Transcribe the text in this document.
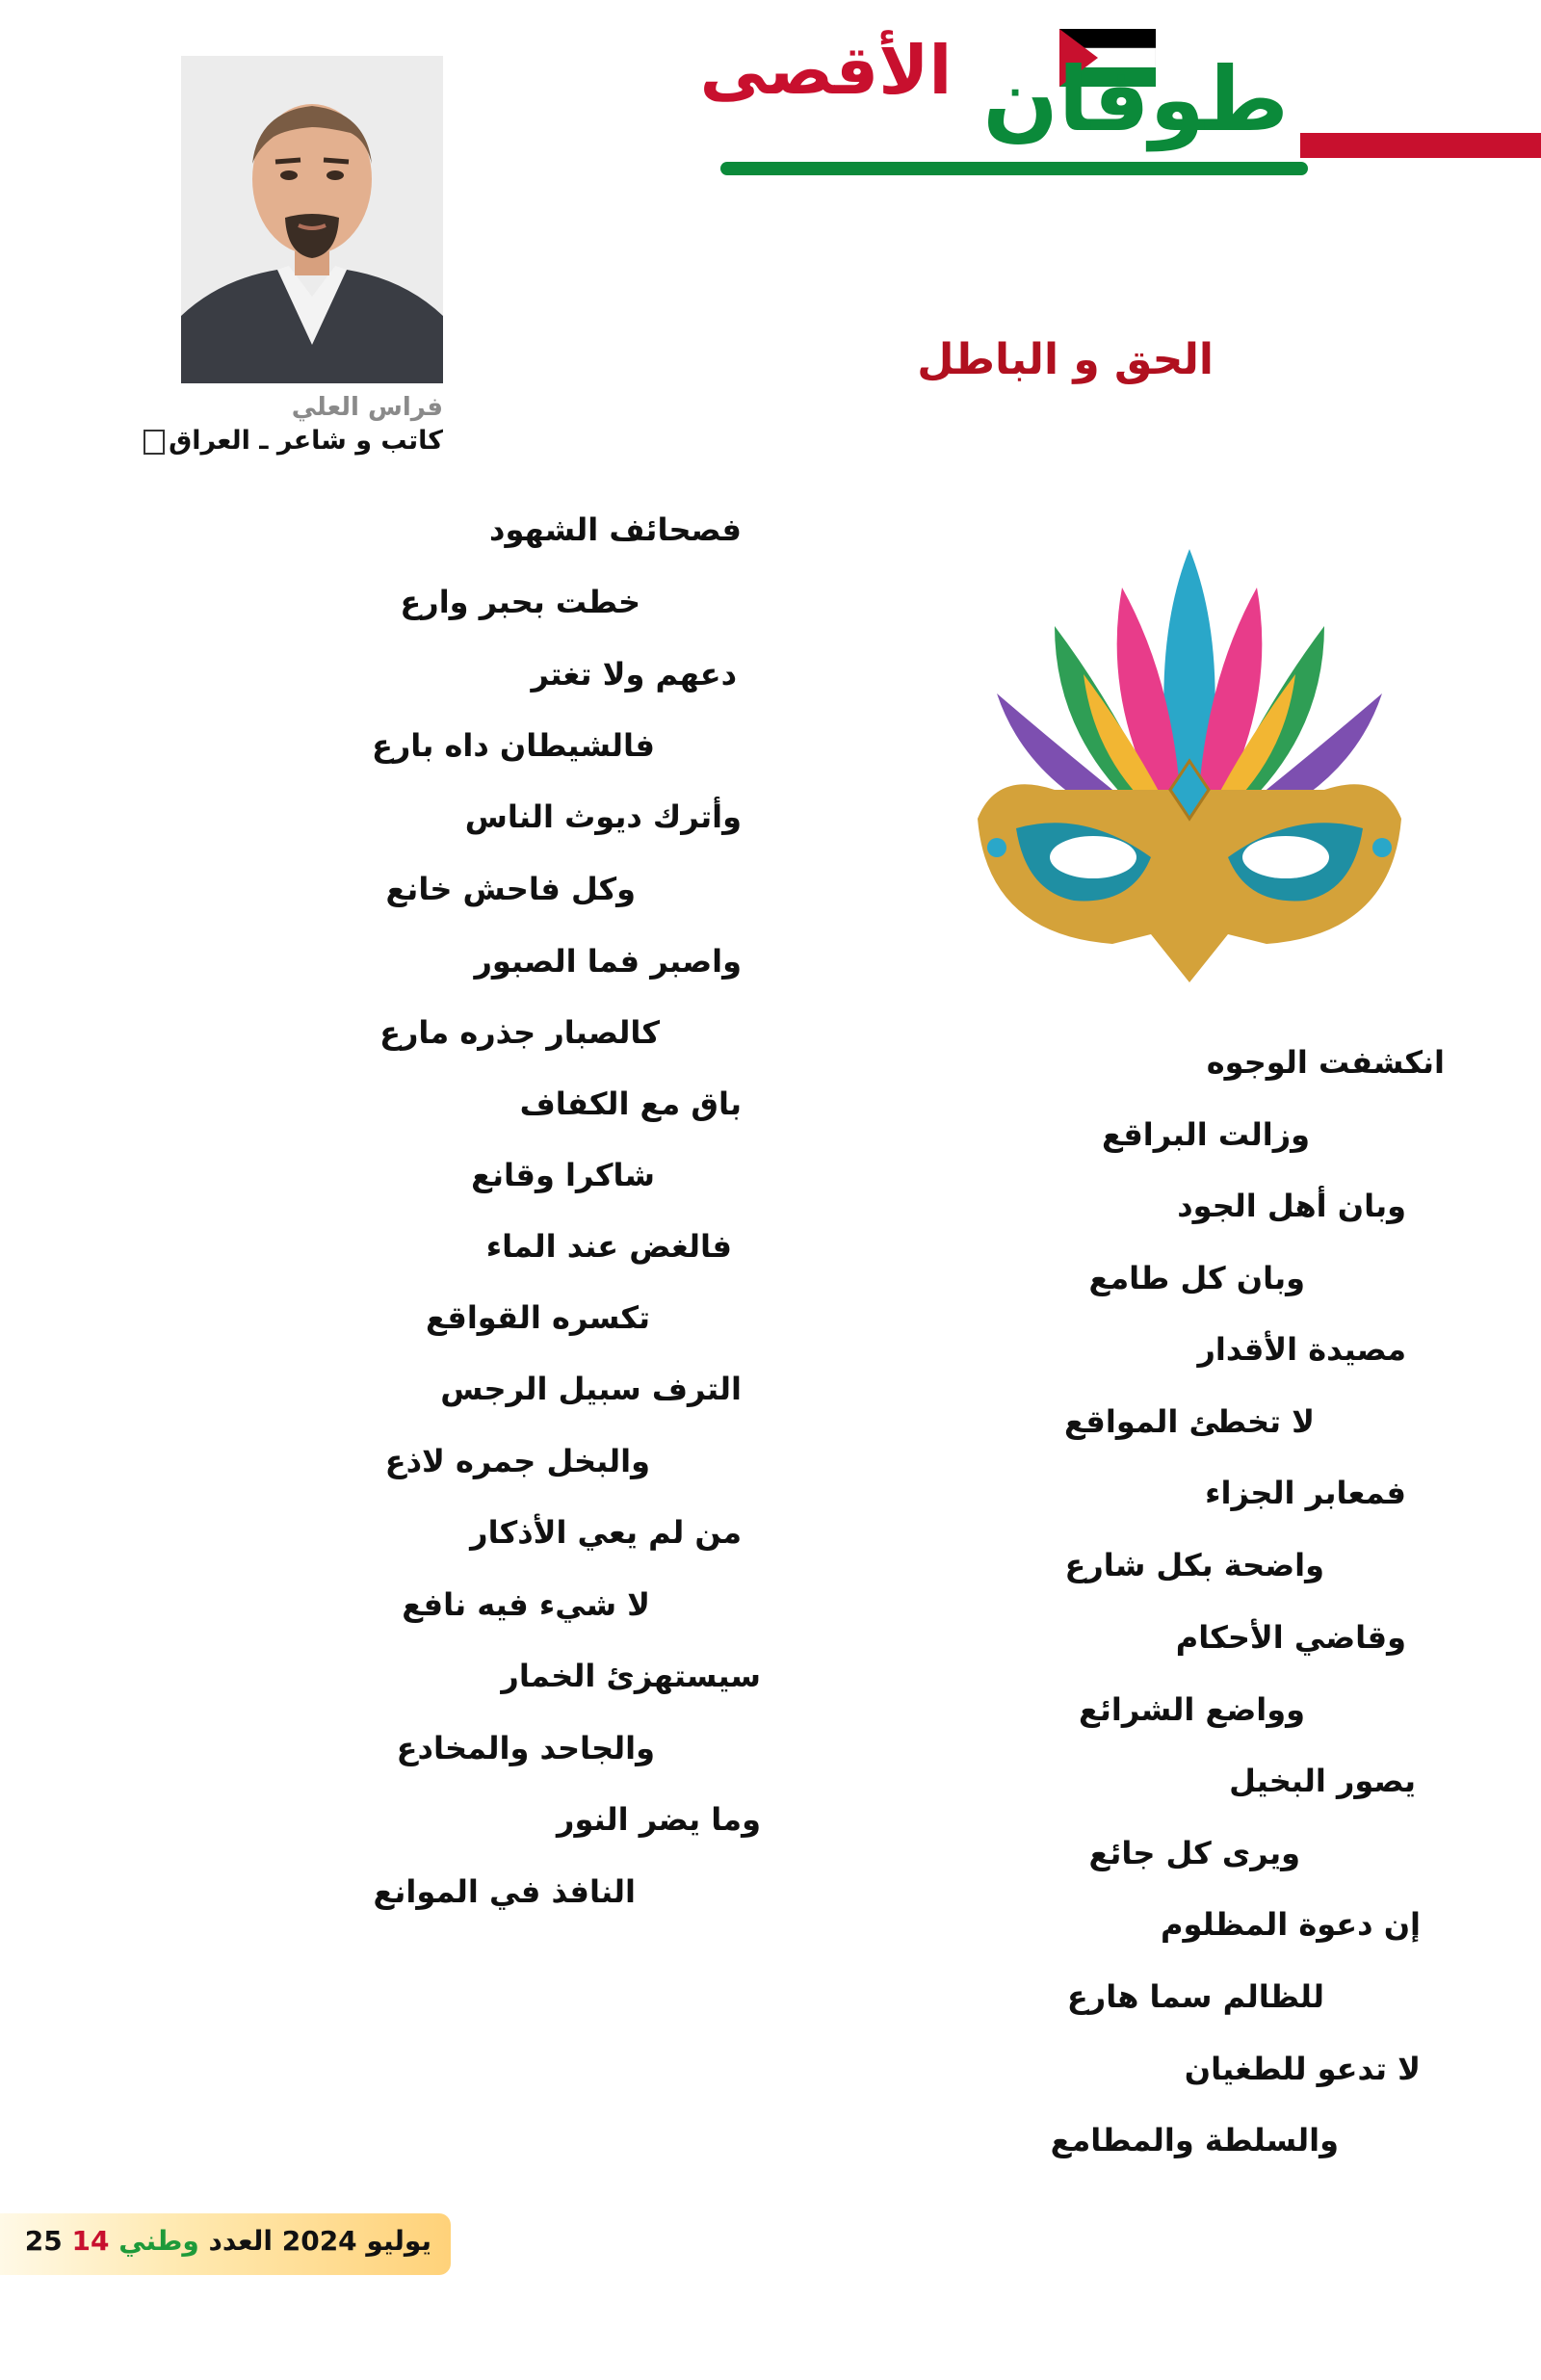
طوفان $^{الأقصى}$
فراس العلي
كاتب و شاعر ـ العراق
الحق و الباطل
فصحائف الشهود
خطت بحبر وارع
دعهم ولا تغتر
فالشيطان داه بارع
وأترك ديوث الناس
وكل فاحش خانع
واصبر فما الصبور
كالصبار جذره مارع
باق مع الكفاف
شاكرا وقانع
فالغض عند الماء
تكسره القواقع
الترف سبيل الرجس
والبخل جمره لاذع
من لم يعي الأذكار
لا شيء فيه نافع
سيستهزئ الخمار
والجاحد والمخادع
وما يضر النور
النافذ في الموانع
انكشفت الوجوه
وزالت البراقع
وبان أهل الجود
وبان كل طامع
مصيدة الأقدار
لا تخطئ المواقع
فمعابر الجزاء
واضحة بكل شارع
وقاضي الأحكام
وواضع الشرائع
يصور البخيل
ويرى كل جائع
إن دعوة المظلوم
للظالم سما هارع
لا تدعو للطغيان
والسلطة والمطامع
25 يوليو 2024 العدد وطني 14
